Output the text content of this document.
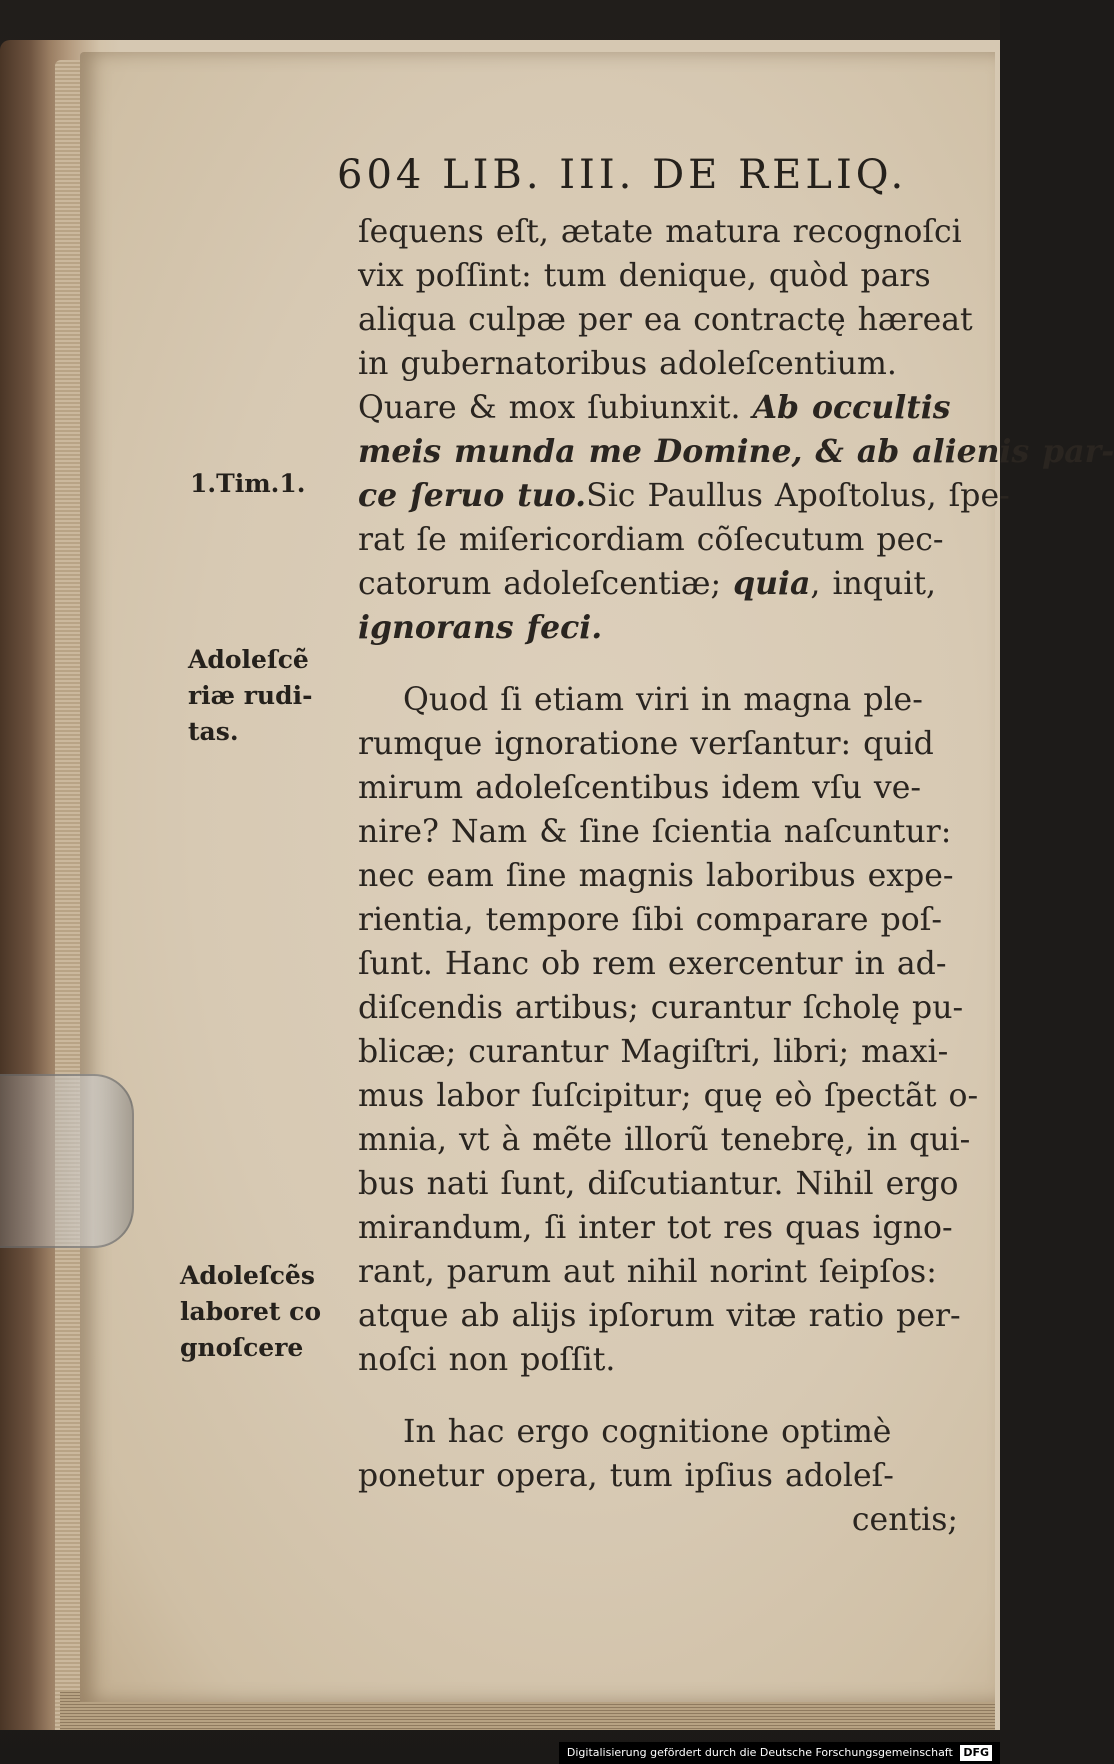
604 LIB. III. DE RELIQ.
1.Tim.1.
Adoleſcẽ
riæ rudi-
tas.
Adoleſcẽs
laboret co
gnoſcere
ſequens eſt, ætate matura recognoſci
vix poſſint: tum denique, quòd pars
aliqua culpæ per ea contractę hæreat
in gubernatoribus adoleſcentium.
Quare & mox ſubiunxit. Ab occultis
meis munda me Domine, & ab alienis par-
ce ſeruo tuo.Sic Paullus Apoſtolus, ſpe-
rat ſe miſericordiam cõſecutum pec-
catorum adoleſcentiæ; quia, inquit,
ignorans feci.
Quod ſi etiam viri in magna ple-
rumque ignoratione verſantur: quid
mirum adoleſcentibus idem vſu ve-
nire? Nam & ſine ſcientia naſcuntur:
nec eam ſine magnis laboribus expe-
rientia, tempore ſibi comparare poſ-
ſunt. Hanc ob rem exercentur in ad-
diſcendis artibus; curantur ſcholę pu-
blicæ; curantur Magiſtri, libri; maxi-
mus labor ſuſcipitur; quę eò ſpectãt o-
mnia, vt à mẽte illorũ tenebrę, in qui-
bus nati ſunt, diſcutiantur. Nihil ergo
mirandum, ſi inter tot res quas igno-
rant, parum aut nihil norint ſeipſos:
atque ab alijs ipſorum vitæ ratio per-
noſci non poſſit.
In hac ergo cognitione optimè
ponetur opera, tum ipſius adoleſ-
centis;
Digitalisierung gefördert durch die Deutsche Forschungsgemeinschaft DFG
